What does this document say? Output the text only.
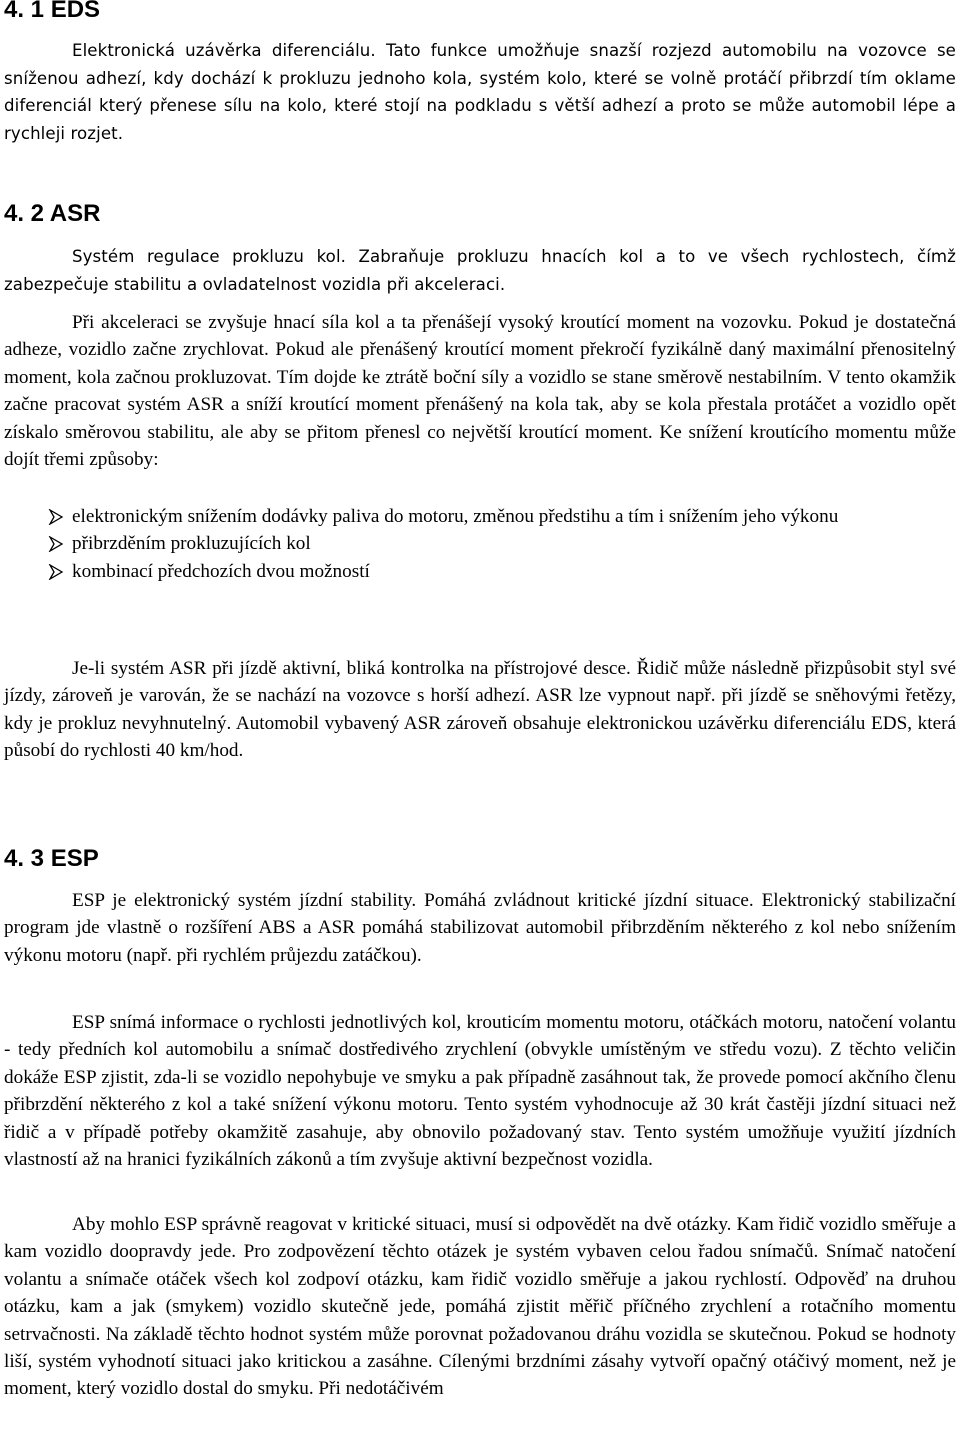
4. 1 EDS

Elektronická uzávěrka diferenciálu. Tato funkce umožňuje snazší rozjezd automobilu na vozovce se sníženou adhezí, kdy dochází k prokluzu jednoho kola, systém kolo, které se volně protáčí přibrzdí tím oklame diferenciál který přenese sílu na kolo, které stojí na podkladu s větší adhezí a proto se může automobil lépe a rychleji rozjet.

4. 2 ASR

Systém regulace prokluzu kol. Zabraňuje prokluzu hnacích kol a to ve všech rychlostech, čímž zabezpečuje stabilitu a ovladatelnost vozidla při akceleraci.

Při akceleraci se zvyšuje hnací síla kol a ta přenášejí vysoký kroutící moment na vozovku. Pokud je dostatečná adheze, vozidlo začne zrychlovat. Pokud ale přenášený kroutící moment překročí fyzikálně daný maximální přenositelný moment, kola začnou prokluzovat. Tím dojde ke ztrátě boční síly a vozidlo se stane směrově nestabilním. V tento okamžik začne pracovat systém ASR a sníží kroutící moment přenášený na kola tak, aby se kola přestala protáčet a vozidlo opět získalo směrovou stabilitu, ale aby se přitom přenesl co největší kroutící moment. Ke snížení kroutícího momentu může dojít třemi způsoby:

elektronickým snížením dodávky paliva do motoru, změnou předstihu a tím i snížením jeho výkonu
přibrzděním prokluzujících kol
kombinací předchozích dvou možností

Je-li systém ASR při jízdě aktivní, bliká kontrolka na přístrojové desce. Řidič může následně přizpůsobit styl své jízdy, zároveň je varován, že se nachází na vozovce s horší adhezí. ASR lze vypnout např. při jízdě se sněhovými řetězy, kdy je prokluz nevyhnutelný. Automobil vybavený ASR zároveň obsahuje elektronickou uzávěrku diferenciálu EDS, která působí do rychlosti 40 km/hod.

4. 3 ESP

ESP je elektronický systém jízdní stability. Pomáhá zvládnout kritické jízdní situace. Elektronický stabilizační program jde vlastně o rozšíření ABS a ASR pomáhá stabilizovat automobil přibrzděním některého z kol nebo snížením výkonu motoru (např. při rychlém průjezdu zatáčkou).

ESP snímá informace o rychlosti jednotlivých kol, krouticím momentu motoru, otáčkách motoru, natočení volantu - tedy předních kol automobilu a snímač dostředivého zrychlení (obvykle umístěným ve středu vozu). Z těchto veličin dokáže ESP zjistit, zda-li se vozidlo nepohybuje ve smyku a pak případně zasáhnout tak, že provede pomocí akčního členu přibrzdění některého z kol a také snížení výkonu motoru. Tento systém vyhodnocuje až 30 krát častěji jízdní situaci než řidič a v případě potřeby okamžitě zasahuje, aby obnovilo požadovaný stav. Tento systém umožňuje využití jízdních vlastností až na hranici fyzikálních zákonů a tím zvyšuje aktivní bezpečnost vozidla.

Aby mohlo ESP správně reagovat v kritické situaci, musí si odpovědět na dvě otázky. Kam řidič vozidlo směřuje a kam vozidlo doopravdy jede. Pro zodpovězení těchto otázek je systém vybaven celou řadou snímačů. Snímač natočení volantu a snímače otáček všech kol zodpoví otázku, kam řidič vozidlo směřuje a jakou rychlostí. Odpověď na druhou otázku, kam a jak (smykem) vozidlo skutečně jede, pomáhá zjistit měřič příčného zrychlení a rotačního momentu setrvačnosti. Na základě těchto hodnot systém může porovnat požadovanou dráhu vozidla se skutečnou. Pokud se hodnoty liší, systém vyhodnotí situaci jako kritickou a zasáhne. Cílenými brzdními zásahy vytvoří opačný otáčivý moment, než je moment, který vozidlo dostal do smyku. Při nedotáčivém
